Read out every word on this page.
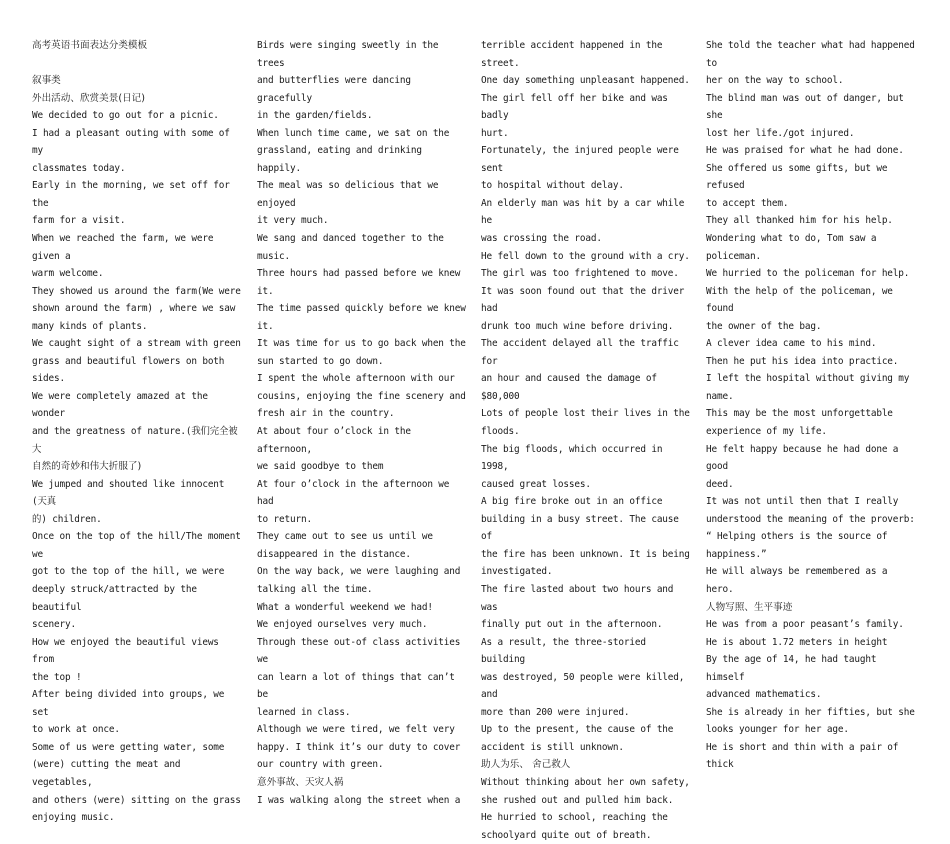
高考英语书面表达分类模板

叙事类

外出活动、欣赏美景(日记)

We decided to go out for a picnic.

I had a pleasant outing with some of my

classmates today.

Early in the morning, we set off for the

farm for a visit.

When we reached the farm, we were given a

warm welcome.

They showed us around the farm(We were

shown around the farm) , where we saw

many kinds of plants.

We caught sight of a stream with green

grass and beautiful flowers on both

sides.

We were completely amazed at the wonder

and the greatness of nature.(我们完全被大

自然的奇妙和伟大折服了)

We jumped and shouted like innocent (天真

的) children.

Once on the top of the hill/The moment we

got to the top of the hill, we were

deeply struck/attracted by the beautiful

scenery.

How we enjoyed the beautiful views from

the top !

After being divided into groups, we set

to work at once.

Some of us were getting water, some

(were) cutting the meat and vegetables,

and others (were) sitting on the grass

enjoying music.

Birds were singing sweetly in the trees

and butterflies were dancing gracefully

in the garden/fields.

When lunch time came, we sat on the

grassland, eating and drinking happily.

The meal was so delicious that we enjoyed

it very much.

We sang and danced together to the music.

Three hours had passed before we knew it.

The time passed quickly before we knew

it.

It was time for us to go back when the

sun started to go down.

I spent the whole afternoon with our

cousins, enjoying the fine scenery and

fresh air in the country.

At about four o’clock in the afternoon,

we said goodbye to them

At four o’clock in the afternoon we had

to return.

They came out to see us until we

disappeared in the distance.

On the way back, we were laughing and

talking all the time.

What a wonderful weekend we had!

We enjoyed ourselves very much.

Through these out-of class activities we

can learn a lot of things that can’t be

learned in class.

Although we were tired, we felt very

happy. I think it’s our duty to cover

our country with green.

意外事故、天灾人祸

I was walking along the street when a

terrible accident happened in the street.

One day something unpleasant happened.

The girl fell off her bike and was badly

hurt.

Fortunately, the injured people were sent

to hospital without delay.

An elderly man was hit by a car while he

was crossing the road.

He fell down to the ground with a cry.

The girl was too frightened to move.

It was soon found out that the driver had

drunk too much wine before driving.

The accident delayed all the traffic for

an hour and caused the damage of $80,000

Lots of people lost their lives in the

floods.

The big floods, which occurred in 1998,

caused great losses.

A big fire broke out in an office

building in a busy street. The cause of

the fire has been unknown. It is being

investigated.

The fire lasted about two hours and was

finally put out in the afternoon.

As a result, the three-storied building

was destroyed, 50 people were killed, and

more than 200 were injured.

Up to the present, the cause of the

accident is still unknown.

助人为乐、 舍己救人

Without thinking about her own safety,

she rushed out and pulled him back.

He hurried to school, reaching the

schoolyard quite out of breath.

She told the teacher what had happened to

her on the way to school.

The blind man was out of danger, but she

lost her life./got injured.

He was praised for what he had done.

She offered us some gifts, but we refused

to accept them.

They all thanked him for his help.

Wondering what to do, Tom saw a

policeman.

We hurried to the policeman for help.

With the help of the policeman, we found

the owner of the bag.

A clever idea came to his mind.

Then he put his idea into practice.

I left the hospital without giving my

name.

This may be the most unforgettable

experience of my life.

He felt happy because he had done a good

deed.

It was not until then that I really

understood the meaning of the proverb:

“ Helping others is the source of

happiness.”

He will always be remembered as a hero.

人物写照、生平事迹

He was from a poor peasant’s family.

He is about 1.72 meters in height

By the age of 14, he had taught himself

advanced mathematics.

She is already in her fifties, but she

looks younger for her age.

He is short and thin with a pair of thick
